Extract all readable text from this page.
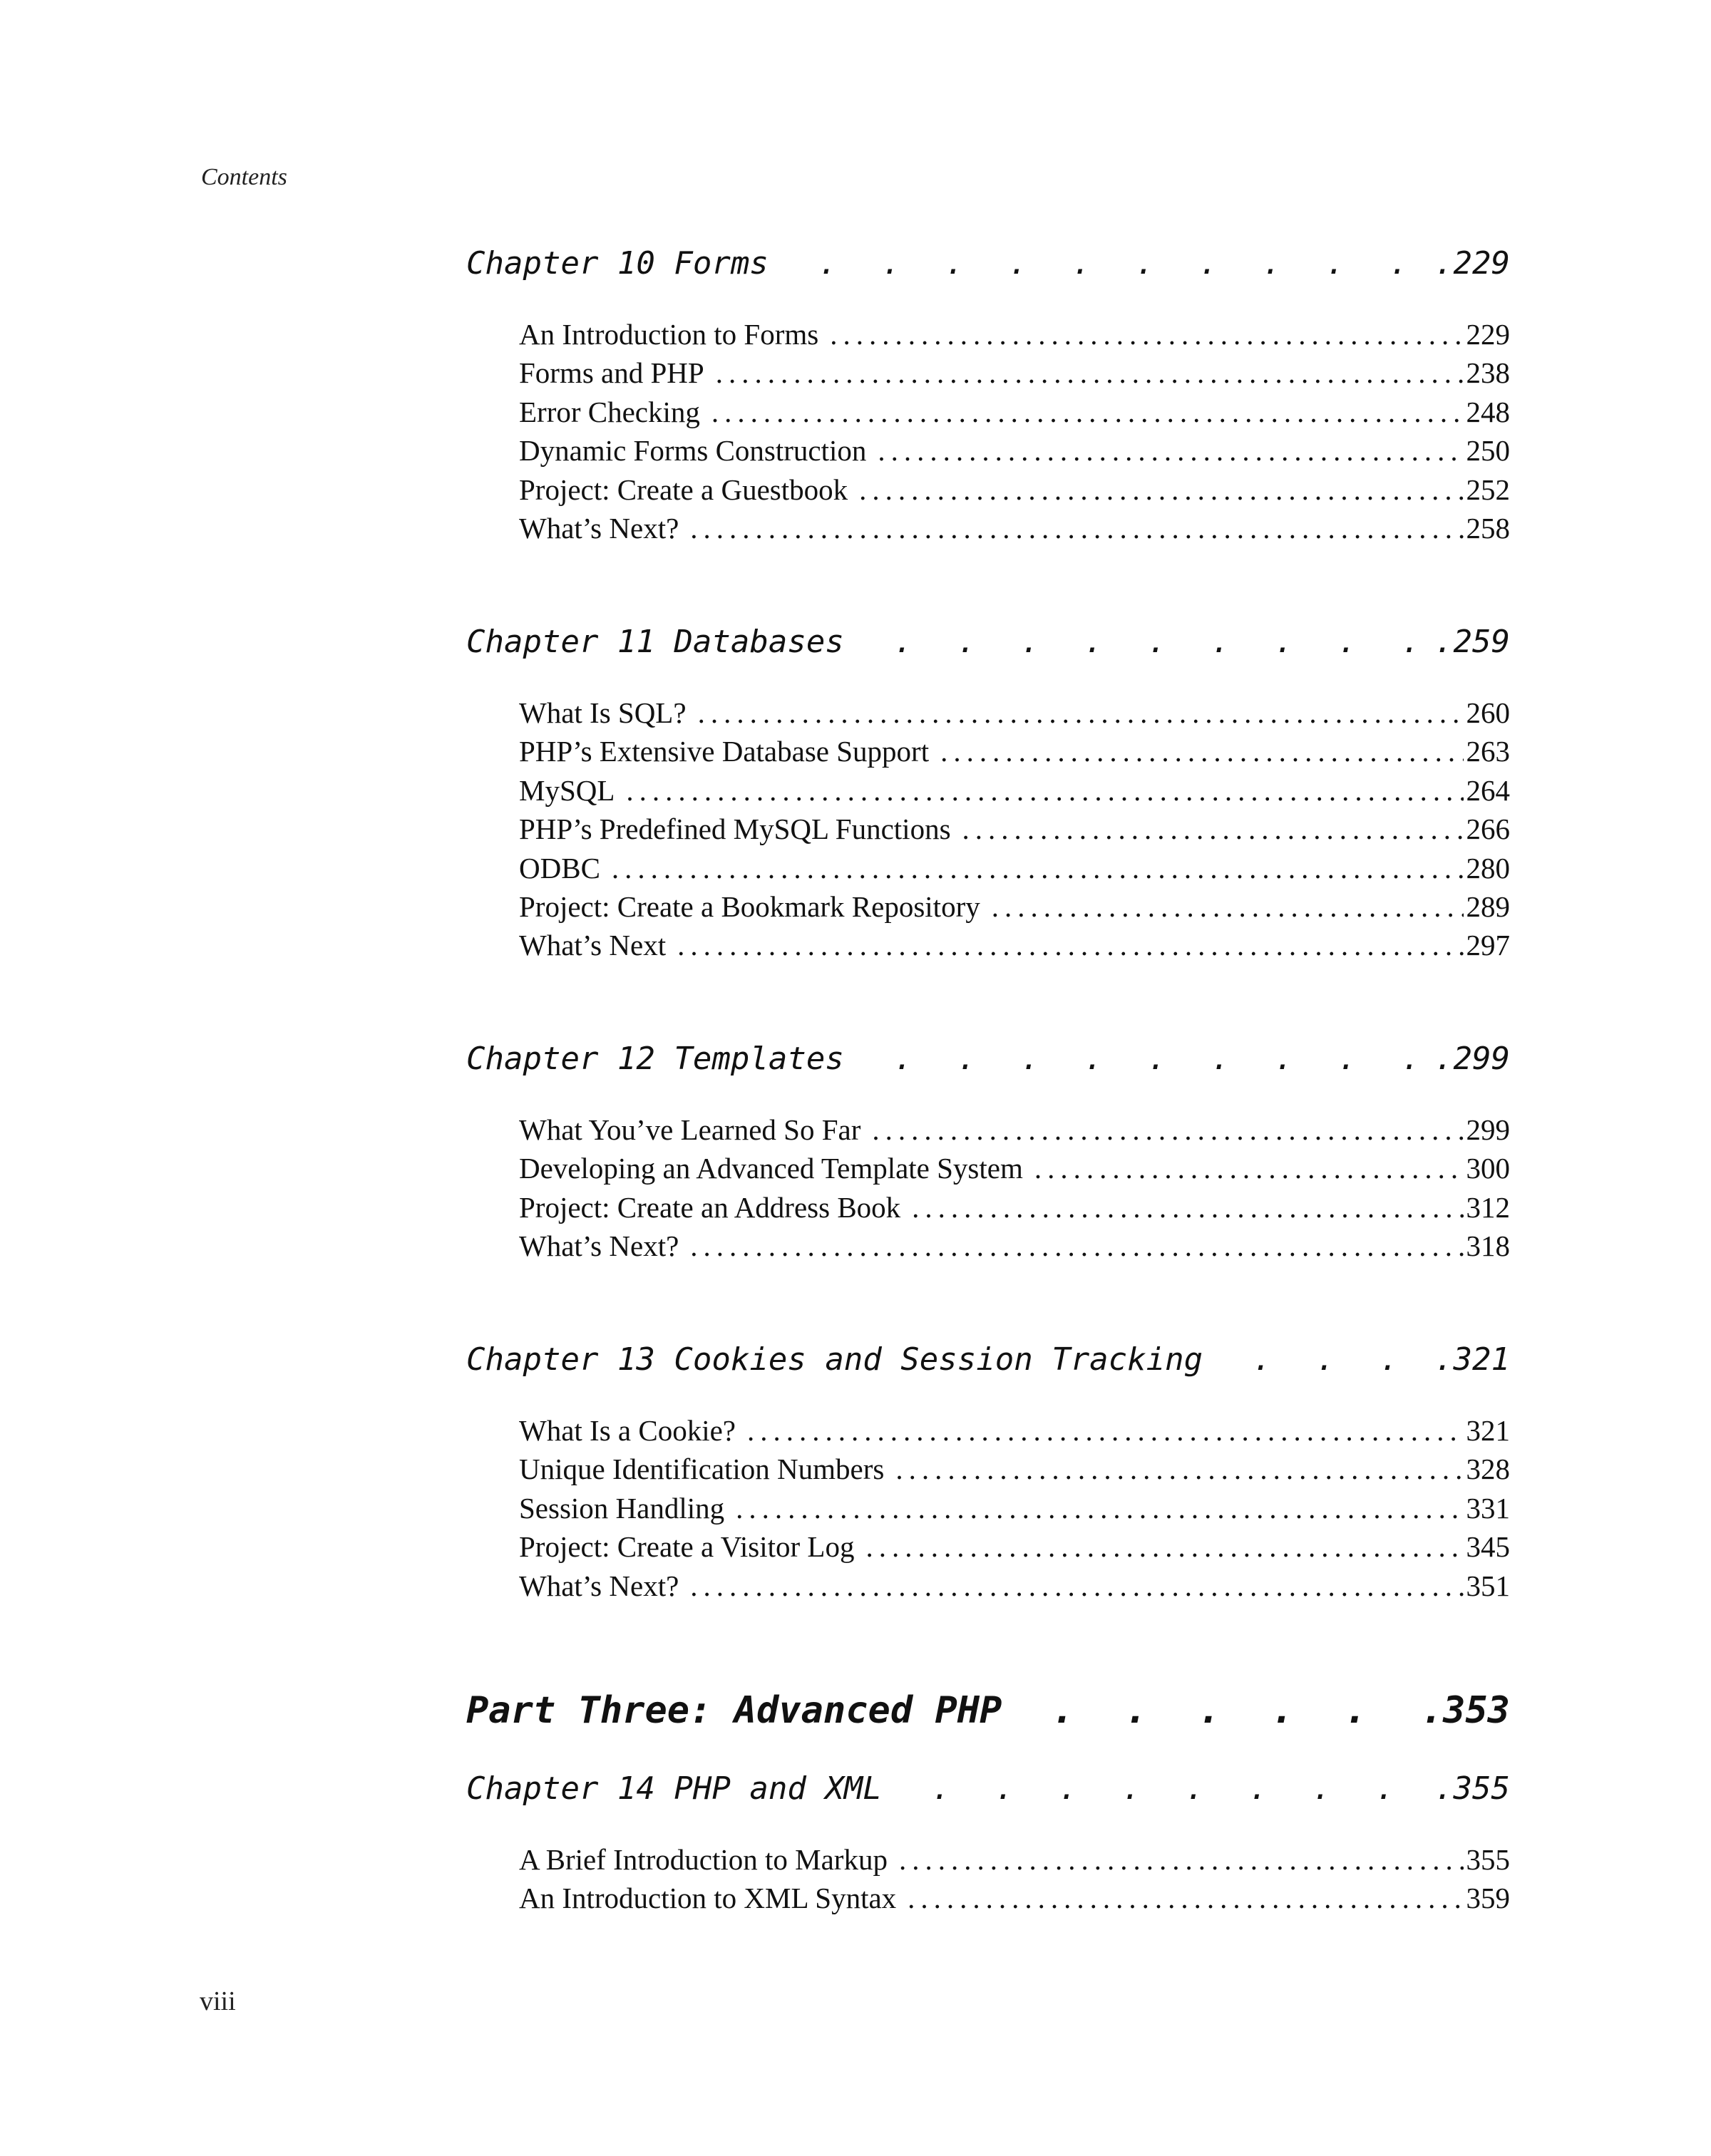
Contents
Chapter 10 Forms . . .	.229
An Introduction to Forms .....	229
Forms and PHP .....	238
Error Checking .....	248
Dynamic Forms Construction .....	250
Project: Create a Guestbook .....	252
What’s Next? .....	258
Chapter 11 Databases . . .	.259
What Is SQL? .....	260
PHP’s Extensive Database Support .....	263
MySQL .....	264
PHP’s Predefined MySQL Functions .....	266
ODBC .....	280
Project: Create a Bookmark Repository .....	289
What’s Next .....	297
Chapter 12 Templates . . .	.299
What You’ve Learned So Far .....	299
Developing an Advanced Template System .....	300
Project: Create an Address Book .....	312
What’s Next? .....	318
Chapter 13 Cookies and Session Tracking . . .	.321
What Is a Cookie? .....	321
Unique Identification Numbers .....	328
Session Handling .....	331
Project: Create a Visitor Log .....	345
What’s Next? .....	351
Part Three: Advanced PHP . . .	.353
Chapter 14 PHP and XML . . .	.355
A Brief Introduction to Markup .....	355
An Introduction to XML Syntax .....	359
viii
